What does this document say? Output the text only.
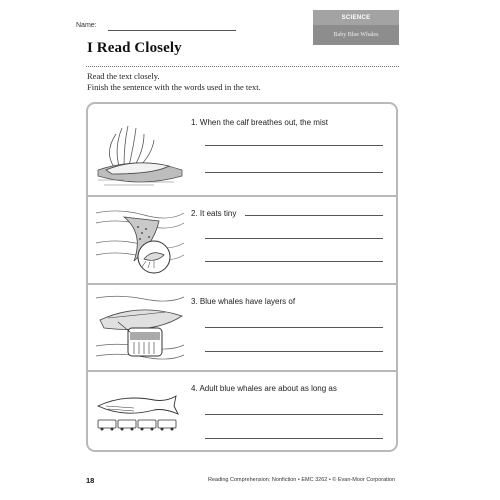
Name:
SCIENCE
Baby Blue Whales
I Read Closely
Read the text closely.
Finish the sentence with the words used in the text.
1. When the calf breathes out, the mist
2. It eats tiny
3. Blue whales have layers of
4. Adult blue whales are about as long as
18	Reading Comprehension: Nonfiction • EMC 3262 • © Evan-Moor Corporation
